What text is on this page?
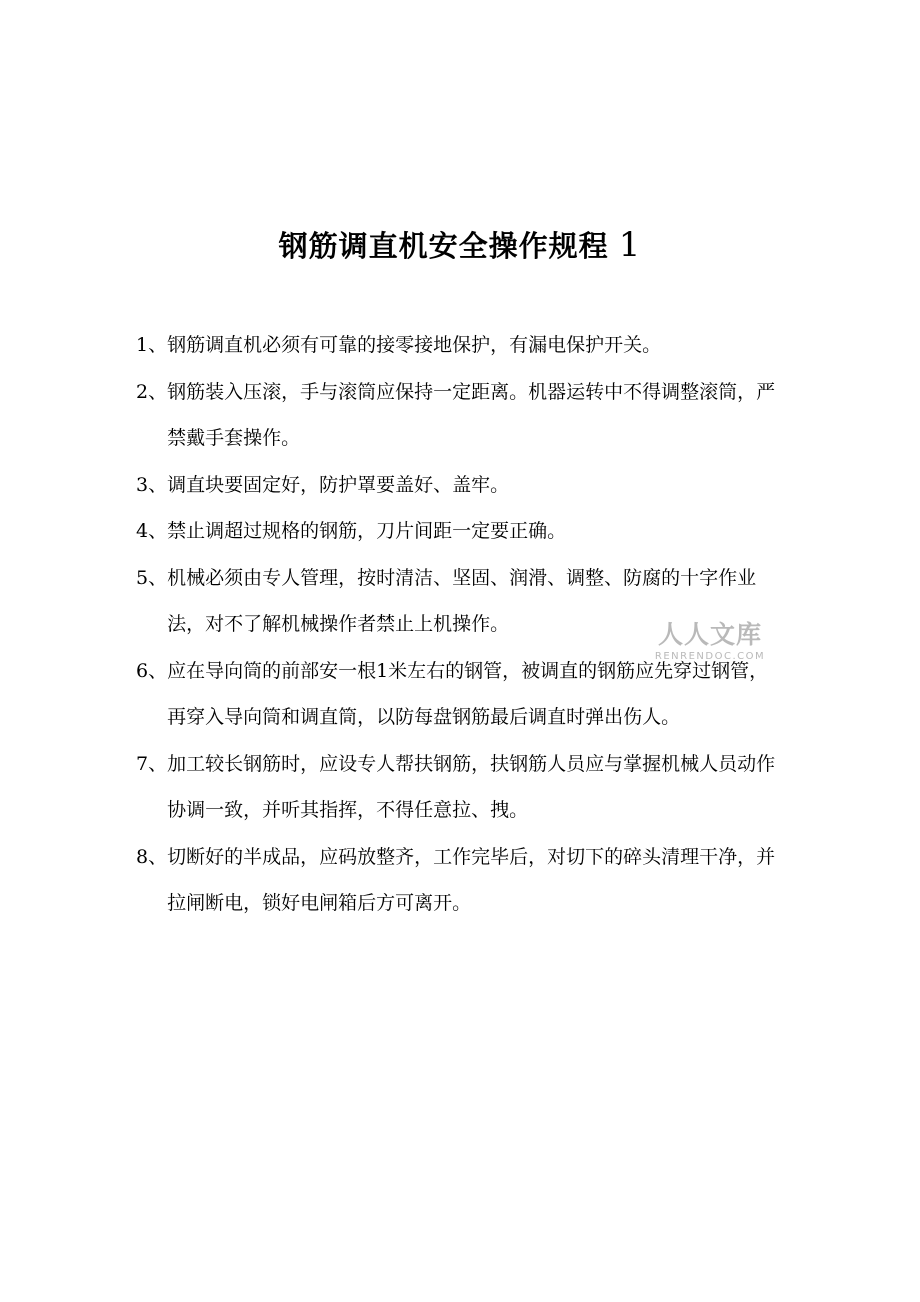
钢筋调直机安全操作规程 1
1、 钢筋调直机必须有可靠的接零接地保护，有漏电保护开关。
2、 钢筋装入压滚，手与滚筒应保持一定距离。机器运转中不得调整滚筒，严禁戴手套操作。
3、 调直块要固定好，防护罩要盖好、盖牢。
4、 禁止调超过规格的钢筋，刀片间距一定要正确。
5、 机械必须由专人管理，按时清洁、坚固、润滑、调整、防腐的十字作业法，对不了解机械操作者禁止上机操作。
6、 应在导向筒的前部安一根1米左右的钢管，被调直的钢筋应先穿过钢管，再穿入导向筒和调直筒，以防每盘钢筋最后调直时弹出伤人。
7、 加工较长钢筋时，应设专人帮扶钢筋，扶钢筋人员应与掌握机械人员动作协调一致，并听其指挥，不得任意拉、拽。
8、 切断好的半成品，应码放整齐，工作完毕后，对切下的碎头清理干净，并拉闸断电，锁好电闸箱后方可离开。
人人文库
RENRENDOC.COM
